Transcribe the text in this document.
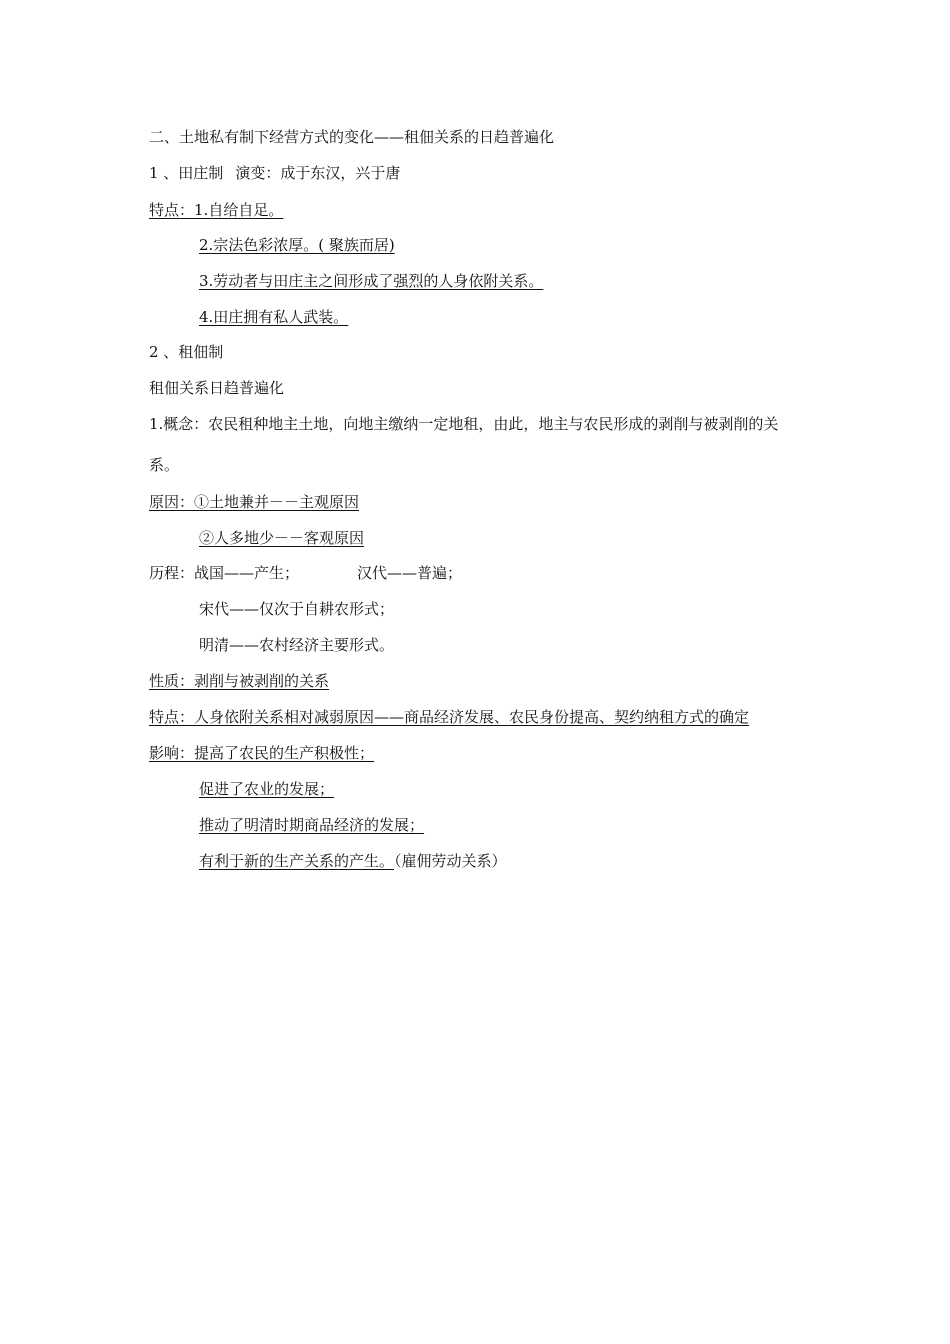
二、土地私有制下经营方式的变化——租佃关系的日趋普遍化
1 、田庄制 演变：成于东汉，兴于唐
特点：1.自给自足。
2.宗法色彩浓厚。( 聚族而居)
3.劳动者与田庄主之间形成了强烈的人身依附关系。
4.田庄拥有私人武装。
2 、租佃制
租佃关系日趋普遍化
1.概念：农民租种地主土地，向地主缴纳一定地租，由此，地主与农民形成的剥削与被剥削的关
系。
原因：①土地兼并－－主观原因
②人多地少－－客观原因
历程：战国——产生；	汉代——普遍；
宋代——仅次于自耕农形式；
明清——农村经济主要形式。
性质：剥削与被剥削的关系
特点：人身依附关系相对减弱原因——商品经济发展、农民身份提高、契约纳租方式的确定
影响：提高了农民的生产积极性；
促进了农业的发展；
推动了明清时期商品经济的发展；
有利于新的生产关系的产生。（雇佣劳动关系）
